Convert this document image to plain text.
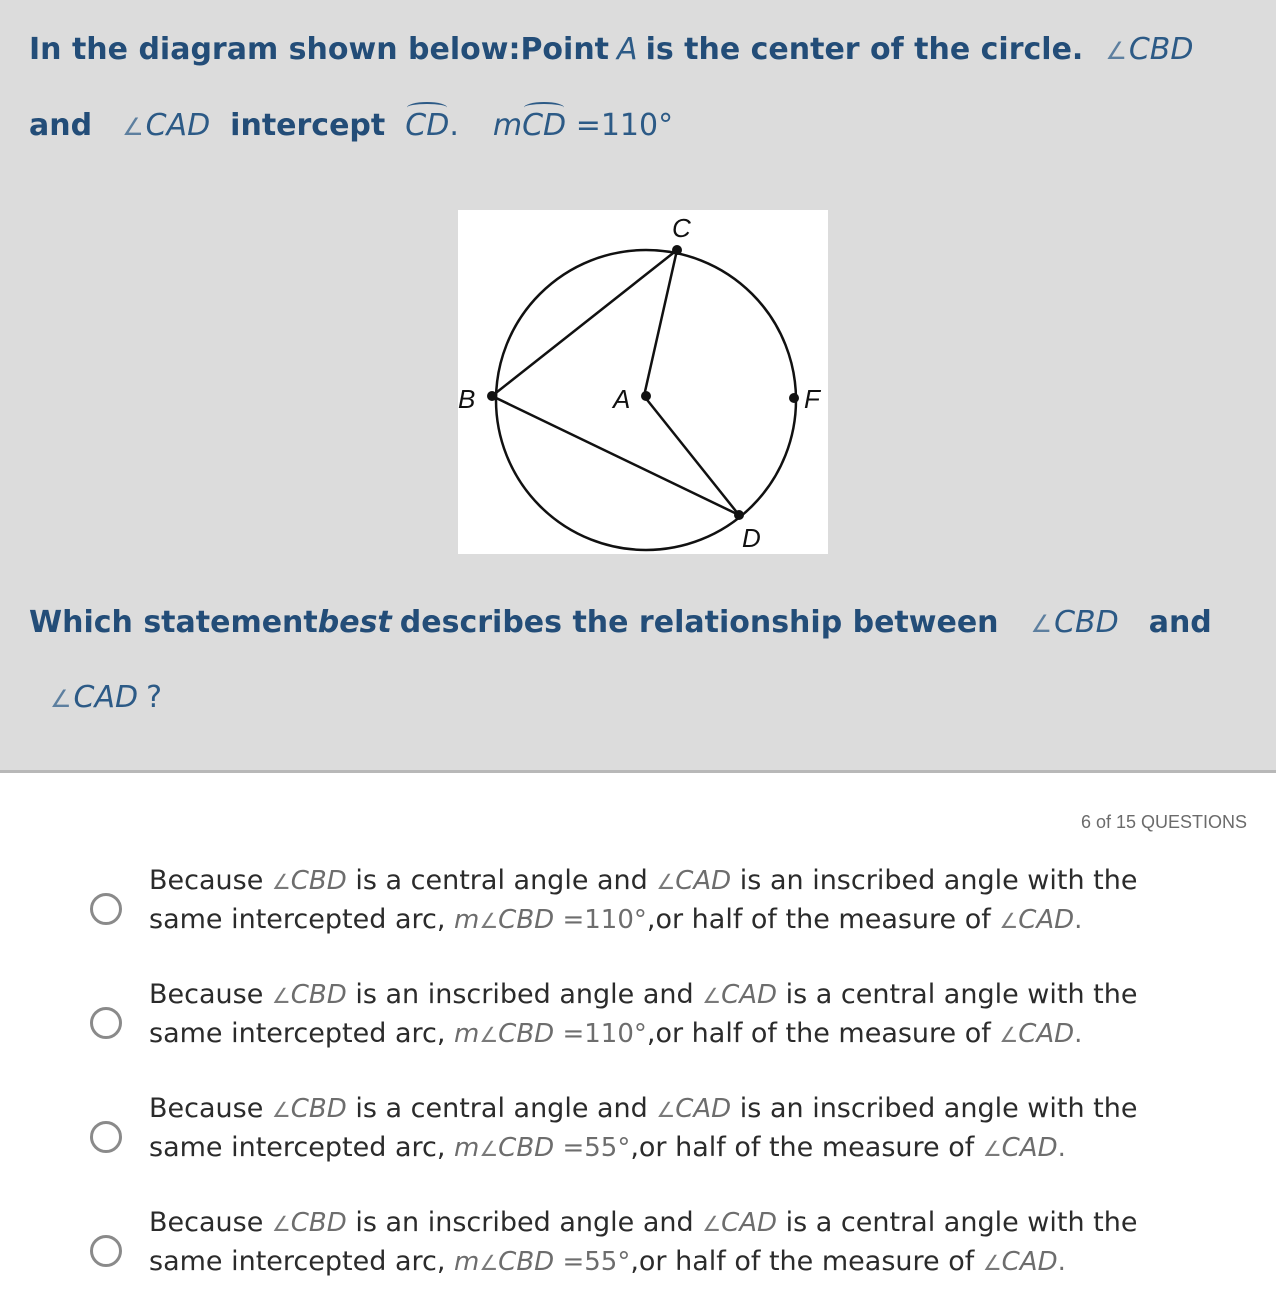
In the diagram shown below:Point A is the center of the circle. ∠CBD
and ∠CAD intercept CD. mCD =110°
C
B	A	F
D
Which statement best describes the relationship between ∠CBD and
∠CAD ?
6 of 15 QUESTIONS
Because ∠CBD is a central angle and ∠CAD is an inscribed angle with the
same intercepted arc, m∠CBD =110°,or half of the measure of ∠CAD.
Because ∠CBD is an inscribed angle and ∠CAD is a central angle with the
same intercepted arc, m∠CBD =110°,or half of the measure of ∠CAD.
Because ∠CBD is a central angle and ∠CAD is an inscribed angle with the
same intercepted arc, m∠CBD =55°,or half of the measure of ∠CAD.
Because ∠CBD is an inscribed angle and ∠CAD is a central angle with the
same intercepted arc, m∠CBD =55°,or half of the measure of ∠CAD.
